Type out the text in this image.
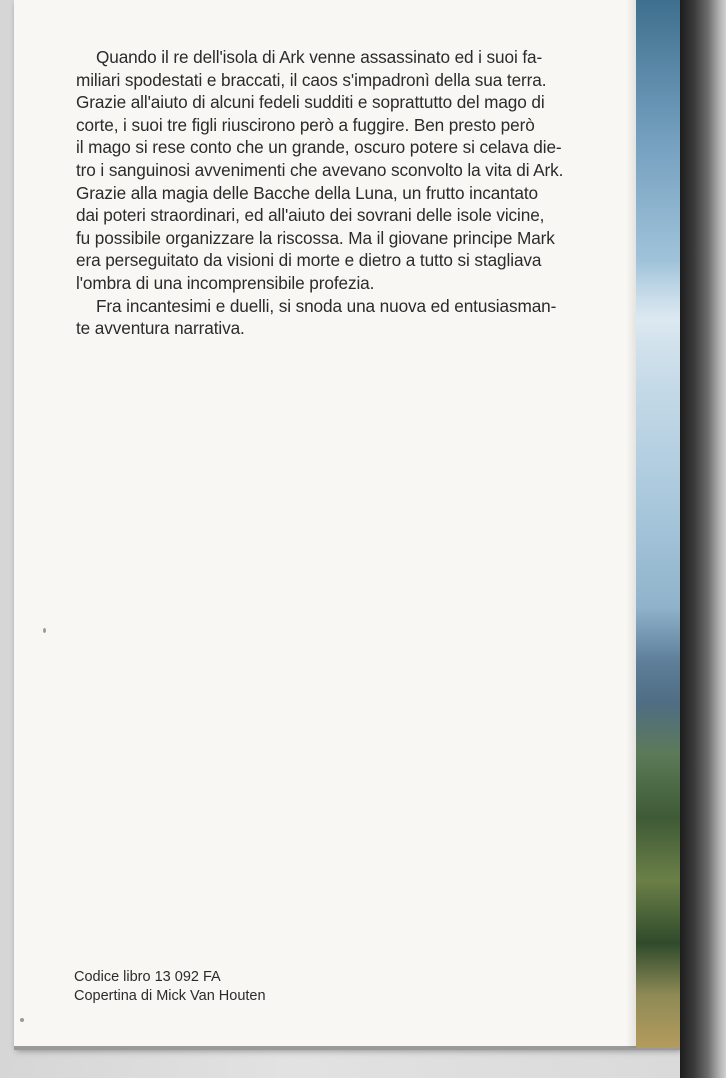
Quando il re dell'isola di Ark venne assassinato ed i suoi fa-

miliari spodestati e braccati, il caos s'impadronì della sua terra.

Grazie all'aiuto di alcuni fedeli sudditi e soprattutto del mago di

corte, i suoi tre figli riuscirono però a fuggire. Ben presto però

il mago si rese conto che un grande, oscuro potere si celava die-

tro i sanguinosi avvenimenti che avevano sconvolto la vita di Ark.

Grazie alla magia delle Bacche della Luna, un frutto incantato

dai poteri straordinari, ed all'aiuto dei sovrani delle isole vicine,

fu possibile organizzare la riscossa. Ma il giovane principe Mark

era perseguitato da visioni di morte e dietro a tutto si stagliava

l'ombra di una incomprensibile profezia.

Fra incantesimi e duelli, si snoda una nuova ed entusiasman-

te avventura narrativa.

Codice libro 13 092 FA
Copertina di Mick Van Houten
